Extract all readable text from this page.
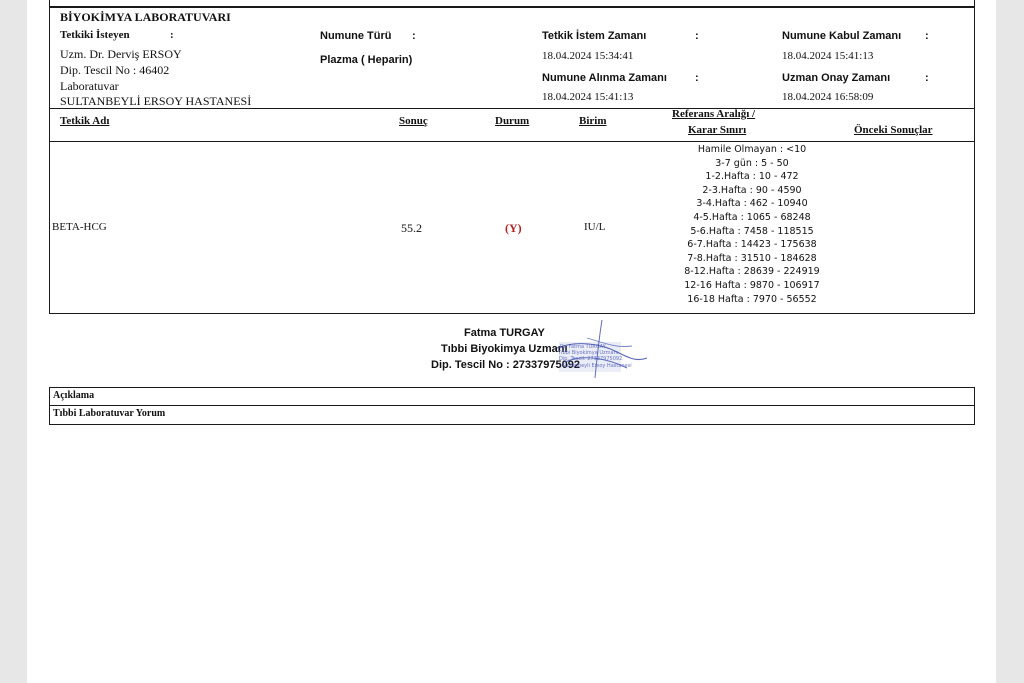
BİYOKİMYA LABORATUVARI
Tetkiki İsteyen	:
Uzm. Dr. Derviş ERSOY
Dip. Tescil No : 46402
Laboratuvar
SULTANBEYLİ ERSOY HASTANESİ
Numune Türü :
Plazma ( Heparin)
Tetkik İstem Zamanı	:
18.04.2024 15:34:41
Numune Alınma Zamanı	:
18.04.2024 15:41:13
Numune Kabul Zamanı :
18.04.2024 15:41:13
Uzman Onay Zamanı	:
18.04.2024 16:58:09
Tetkik Adı	Sonuç	Durum	Birim
Referans Aralığı /
Karar Sınırı	Önceki Sonuçlar
BETA-HCG	55.2	(Y)	IU/L
Hamile Olmayan : <10
3-7 gün : 5 - 50
1-2.Hafta : 10 - 472
2-3.Hafta : 90 - 4590
3-4.Hafta : 462 - 10940
4-5.Hafta : 1065 - 68248
5-6.Hafta : 7458 - 118515
6-7.Hafta : 14423 - 175638
7-8.Hafta : 31510 - 184628
8-12.Hafta : 28639 - 224919
12-16 Hafta : 9870 - 106917
16-18 Hafta : 7970 - 56552
Fatma TURGAY
Tıbbi Biyokimya Uzmanı
Dip. Tescil No : 27337975092
Dr. Fatma TURGAY
Tıbbi Biyokimya Uzmanı
Dip. Tescil: 27337975092
Sultanbeyli Ersoy Hastanesi
Açıklama
Tıbbi Laboratuvar Yorum
